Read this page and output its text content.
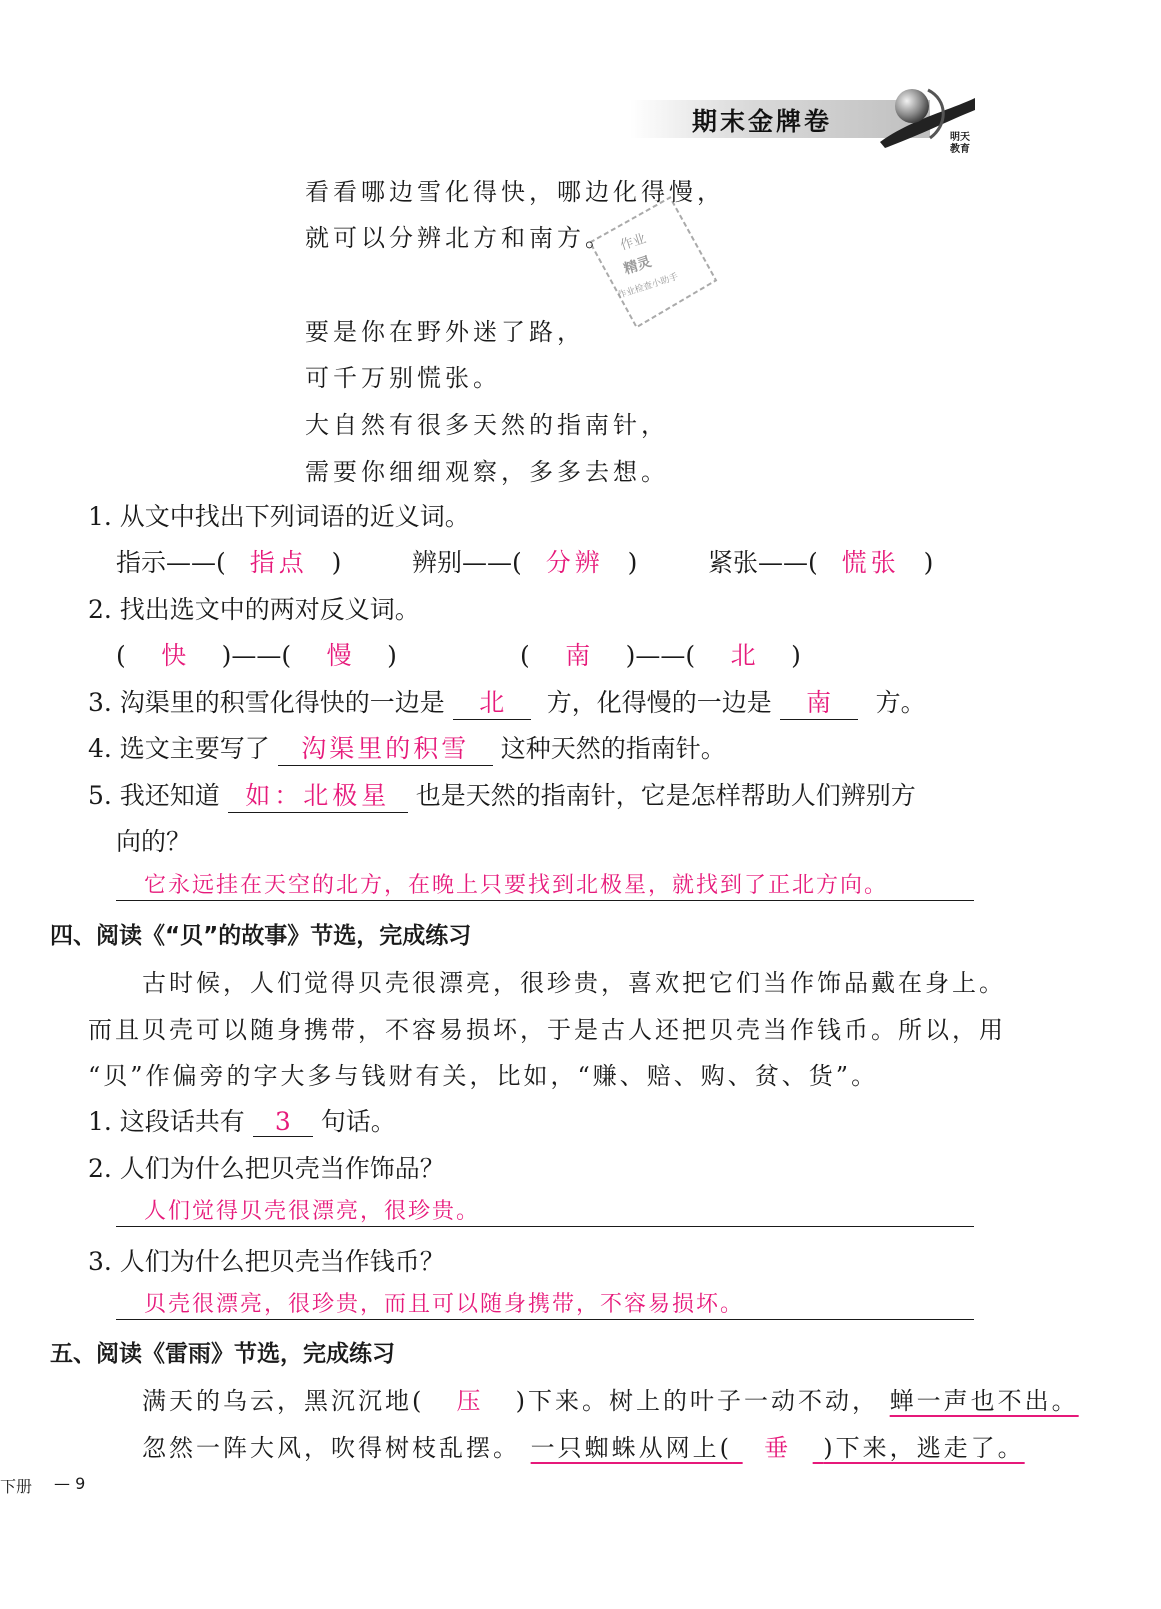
期末金牌卷
明天
教育
作业
精灵
作业检查小助手
看看哪边雪化得快，哪边化得慢，
就可以分辨北方和南方。
要是你在野外迷了路，
可千万别慌张。
大自然有很多天然的指南针，
需要你细细观察，多多去想。
1. 从文中找出下列词语的近义词。
指示——( 指点 )	辨别——( 分辨 )	紧张——( 慌张 )
2. 找出选文中的两对反义词。
( 快 )——( 慢 )	( 南 )——( 北 )
3. 沟渠里的积雪化得快的一边是 北 方，化得慢的一边是 南 方。
4. 选文主要写了 沟渠里的积雪 这种天然的指南针。
5. 我还知道 如：北极星 也是天然的指南针，它是怎样帮助人们辨别方
向的？
它永远挂在天空的北方，在晚上只要找到北极星，就找到了正北方向。
四、阅读《“贝”的故事》节选，完成练习
古时候，人们觉得贝壳很漂亮，很珍贵，喜欢把它们当作饰品戴在身上。
而且贝壳可以随身携带，不容易损坏，于是古人还把贝壳当作钱币。所以，用
“贝”作偏旁的字大多与钱财有关，比如，“赚、赔、购、贫、货”。
1. 这段话共有 3 句话。
2. 人们为什么把贝壳当作饰品？
人们觉得贝壳很漂亮，很珍贵。
3. 人们为什么把贝壳当作钱币？
贝壳很漂亮，很珍贵，而且可以随身携带，不容易损坏。
五、阅读《雷雨》节选，完成练习
满天的乌云，黑沉沉地( 压 )下来。树上的叶子一动不动， 蝉一声也不出。
忽然一阵大风，吹得树枝乱摆。 一只蜘蛛从网上( 垂 )下来，逃走了。
下册 — 9
